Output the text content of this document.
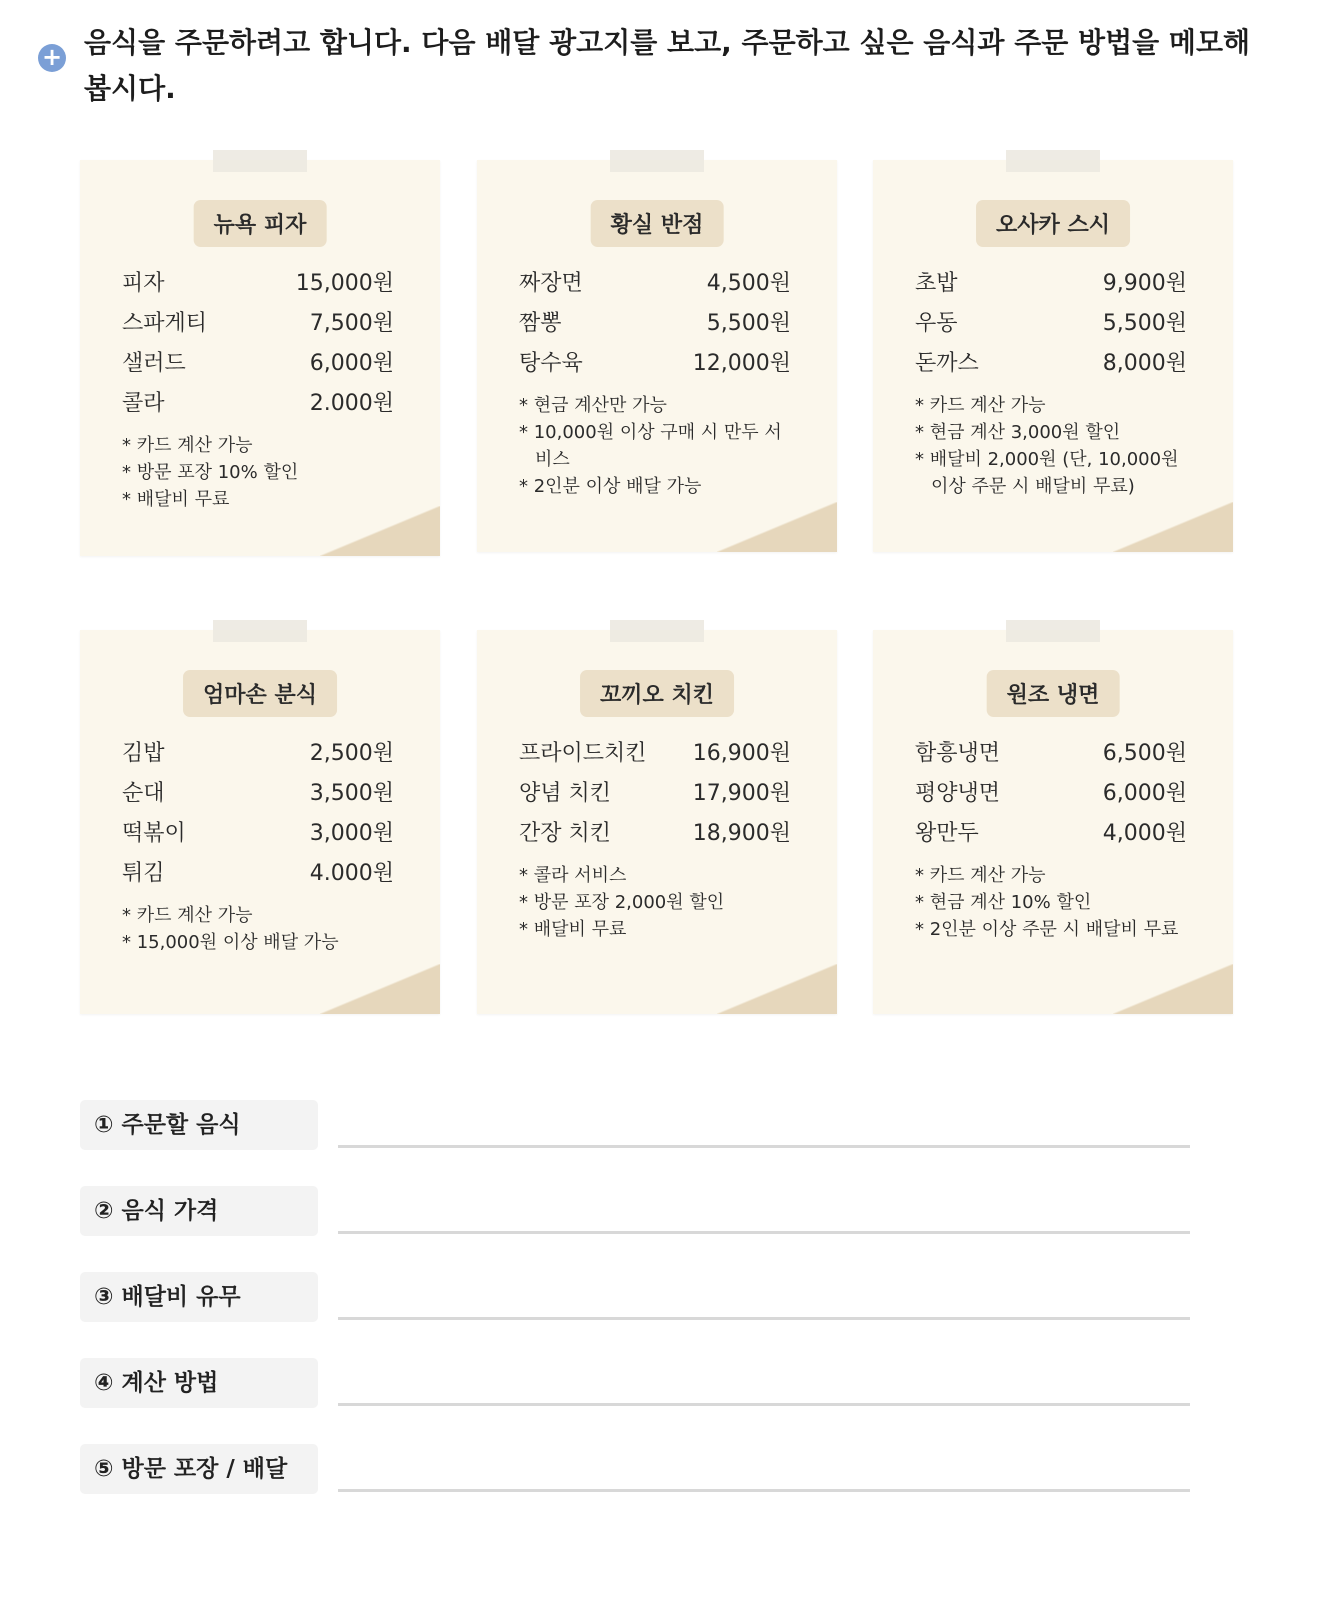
+ 음식을 주문하려고 합니다. 다음 배달 광고지를 보고, 주문하고 싶은 음식과 주문 방법을 메모해 봅시다.
뉴욕 피자
피자	15,000원
스파게티	7,500원
샐러드	6,000원
콜라	2.000원
* 카드 계산 가능
* 방문 포장 10% 할인
* 배달비 무료
황실 반점
짜장면	4,500원
짬뽕	5,500원
탕수육	12,000원
* 현금 계산만 가능
* 10,000원 이상 구매 시 만두 서비스
* 2인분 이상 배달 가능
오사카 스시
초밥	9,900원
우동	5,500원
돈까스	8,000원
* 카드 계산 가능
* 현금 계산 3,000원 할인
* 배달비 2,000원 (단, 10,000원 이상 주문 시 배달비 무료)
엄마손 분식
김밥	2,500원
순대	3,500원
떡볶이	3,000원
튀김	4.000원
* 카드 계산 가능
* 15,000원 이상 배달 가능
꼬끼오 치킨
프라이드치킨 16,900원
양념 치킨	17,900원
간장 치킨	18,900원
* 콜라 서비스
* 방문 포장 2,000원 할인
* 배달비 무료
원조 냉면
함흥냉면	6,500원
평양냉면	6,000원
왕만두	4,000원
* 카드 계산 가능
* 현금 계산 10% 할인
* 2인분 이상 주문 시 배달비 무료
① 주문할 음식
② 음식 가격
③ 배달비 유무
④ 계산 방법
⑤ 방문 포장 / 배달
